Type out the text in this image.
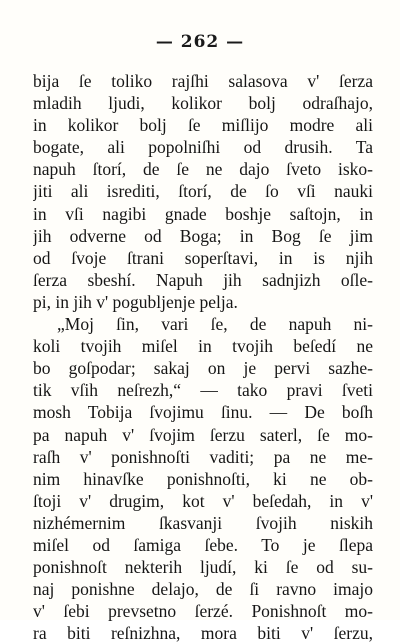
— 262 —
bija ſe toliko rajſhi salasova v' ſerza
mladih ljudi, kolikor bolj odraſhajo,
in kolikor bolj ſe miſlijo modre ali
bogate, ali popolniſhi od drusih. Ta
napuh ſtorí, de ſe ne dajo ſveto isko-
jiti ali isrediti, ſtorí, de ſo vſi nauki
in vſi nagibi gnade boshje saſtojn, in
jih odverne od Boga; in Bog ſe jim
od ſvoje ſtrani soperſtavi, in is njih
ſerza sbeshí. Napuh jih sadnjizh oſle-
pi, in jih v' pogubljenje pelja.
„Moj ſin, vari ſe, de napuh ni-
koli tvojih miſel in tvojih beſedí ne
bo goſpodar; sakaj on je pervi sazhe-
tik vſih neſrezh,“ — tako pravi ſveti
mosh Tobija ſvojimu ſinu. — De boſh
pa napuh v' ſvojim ſerzu saterl, ſe mo-
raſh v' ponishnoſti vaditi; pa ne me-
nim hinavſke ponishnoſti, ki ne ob-
ſtoji v' drugim, kot v' beſedah, in v'
nizhémernim ſkasvanji ſvojih niskih
miſel od ſamiga ſebe. To je ſlepa
ponishnoſt nekterih ljudí, ki ſe od su-
naj ponishne delajo, de ſi ravno imajo
v' ſebi prevsetno ſerzé. Ponishnoſt mo-
ra biti reſnizhna, mora biti v' ſerzu,
